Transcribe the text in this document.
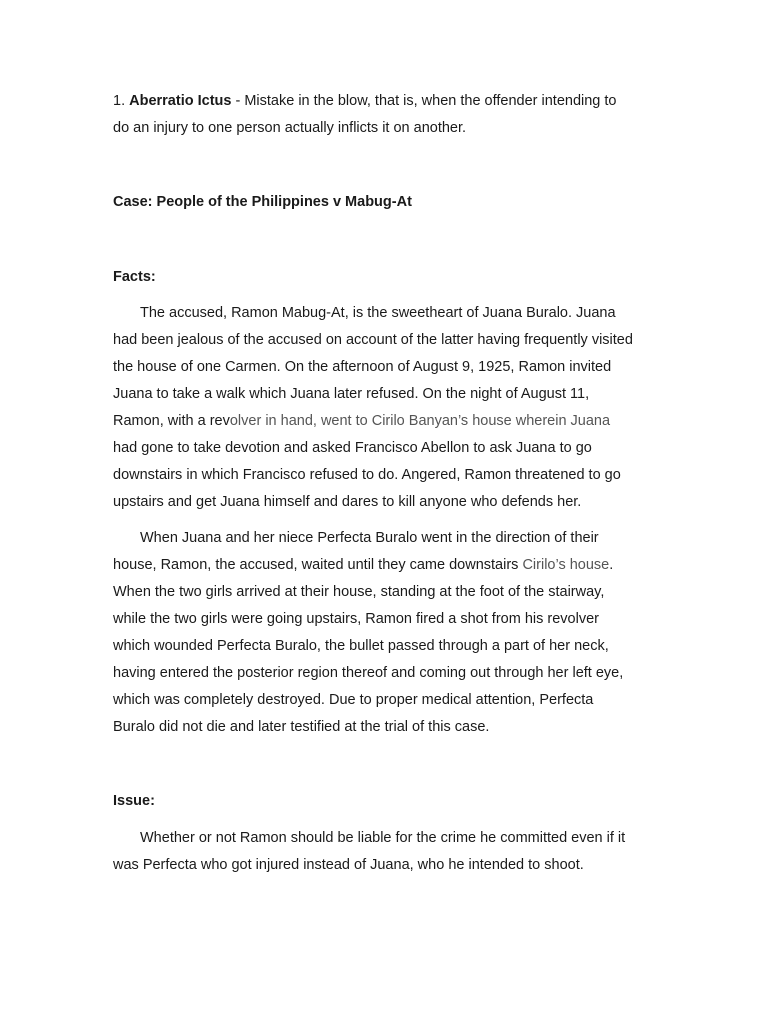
1. Aberratio Ictus - Mistake in the blow, that is, when the offender intending to
do an injury to one person actually inflicts it on another.
Case: People of the Philippines v Mabug-At
Facts:
The accused, Ramon Mabug-At, is the sweetheart of Juana Buralo. Juana
had been jealous of the accused on account of the latter having frequently visited
the house of one Carmen. On the afternoon of August 9, 1925, Ramon invited
Juana to take a walk which Juana later refused. On the night of August 11,
Ramon, with a revolver in hand, went to Cirilo Banyan’s house wherein Juana
had gone to take devotion and asked Francisco Abellon to ask Juana to go
downstairs in which Francisco refused to do. Angered, Ramon threatened to go
upstairs and get Juana himself and dares to kill anyone who defends her.
When Juana and her niece Perfecta Buralo went in the direction of their
house, Ramon, the accused, waited until they came downstairs Cirilo’s house.
When the two girls arrived at their house, standing at the foot of the stairway,
while the two girls were going upstairs, Ramon fired a shot from his revolver
which wounded Perfecta Buralo, the bullet passed through a part of her neck,
having entered the posterior region thereof and coming out through her left eye,
which was completely destroyed. Due to proper medical attention, Perfecta
Buralo did not die and later testified at the trial of this case.
Issue:
Whether or not Ramon should be liable for the crime he committed even if it
was Perfecta who got injured instead of Juana, who he intended to shoot.
